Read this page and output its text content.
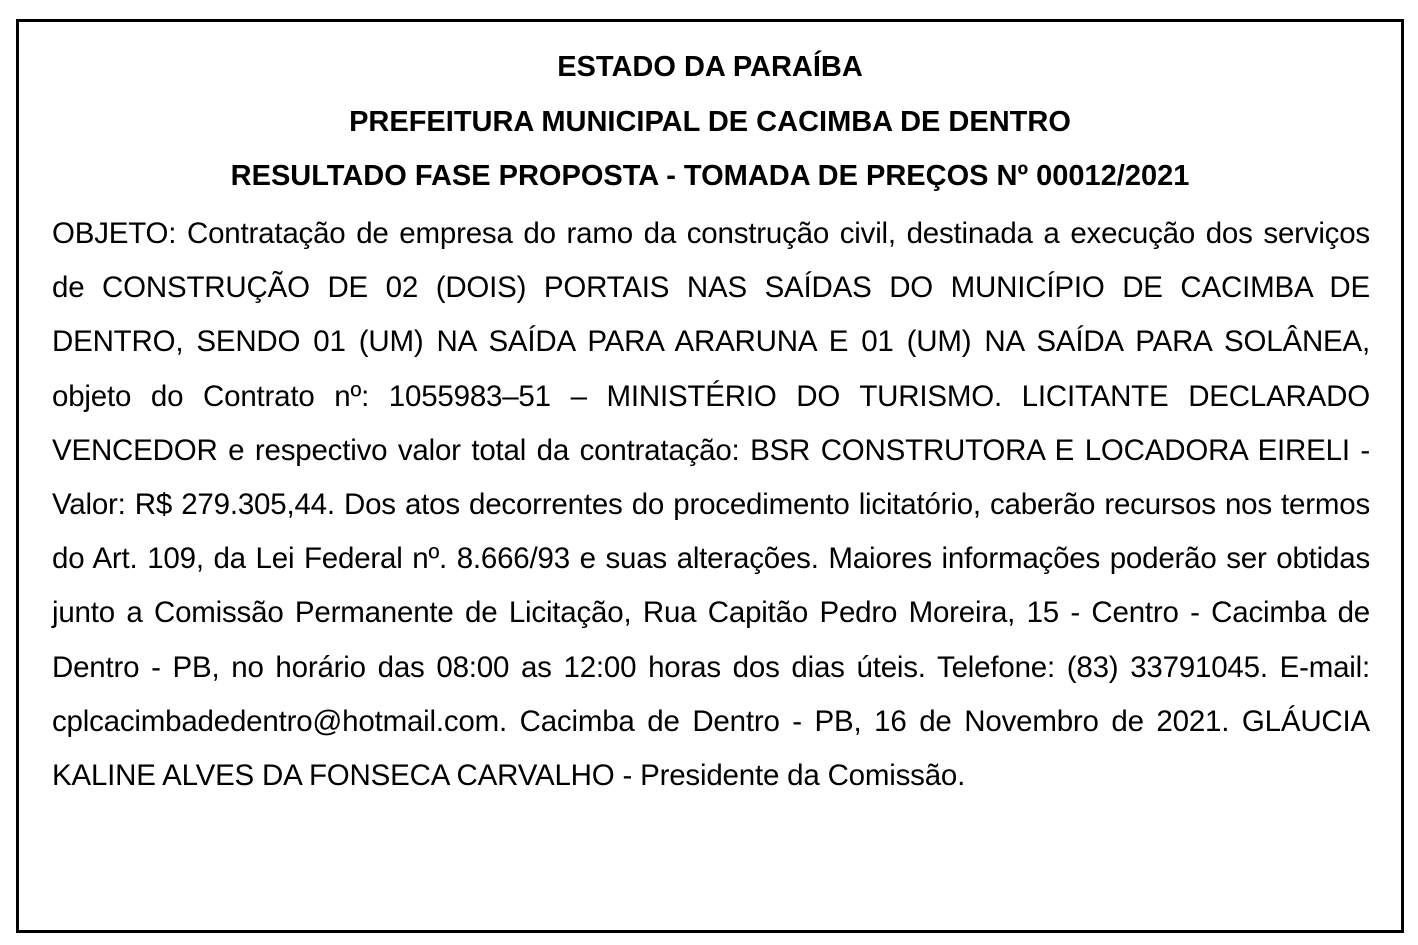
ESTADO DA PARAÍBA
PREFEITURA MUNICIPAL DE CACIMBA DE DENTRO
RESULTADO FASE PROPOSTA - TOMADA DE PREÇOS Nº 00012/2021
OBJETO: Contratação de empresa do ramo da construção civil, destinada a execução dos serviços de CONSTRUÇÃO DE 02 (DOIS) PORTAIS NAS SAÍDAS DO MUNICÍPIO DE CACIMBA DE DENTRO, SENDO 01 (UM) NA SAÍDA PARA ARARUNA E 01 (UM) NA SAÍDA PARA SOLÂNEA, objeto do Contrato nº: 1055983–51 – MINISTÉRIO DO TURISMO. LICITANTE DECLARADO VENCEDOR e respectivo valor total da contratação: BSR CONSTRUTORA E LOCADORA EIRELI - Valor: R$ 279.305,44. Dos atos decorrentes do procedimento licitatório, caberão recursos nos termos do Art. 109, da Lei Federal nº. 8.666/93 e suas alterações. Maiores informações poderão ser obtidas junto a Comissão Permanente de Licitação, Rua Capitão Pedro Moreira, 15 - Centro - Cacimba de Dentro - PB, no horário das 08:00 as 12:00 horas dos dias úteis. Telefone: (83) 33791045. E-mail: cplcacimbadedentro@hotmail.com. Cacimba de Dentro - PB, 16 de Novembro de 2021. GLÁUCIA KALINE ALVES DA FONSECA CARVALHO - Presidente da Comissão.
